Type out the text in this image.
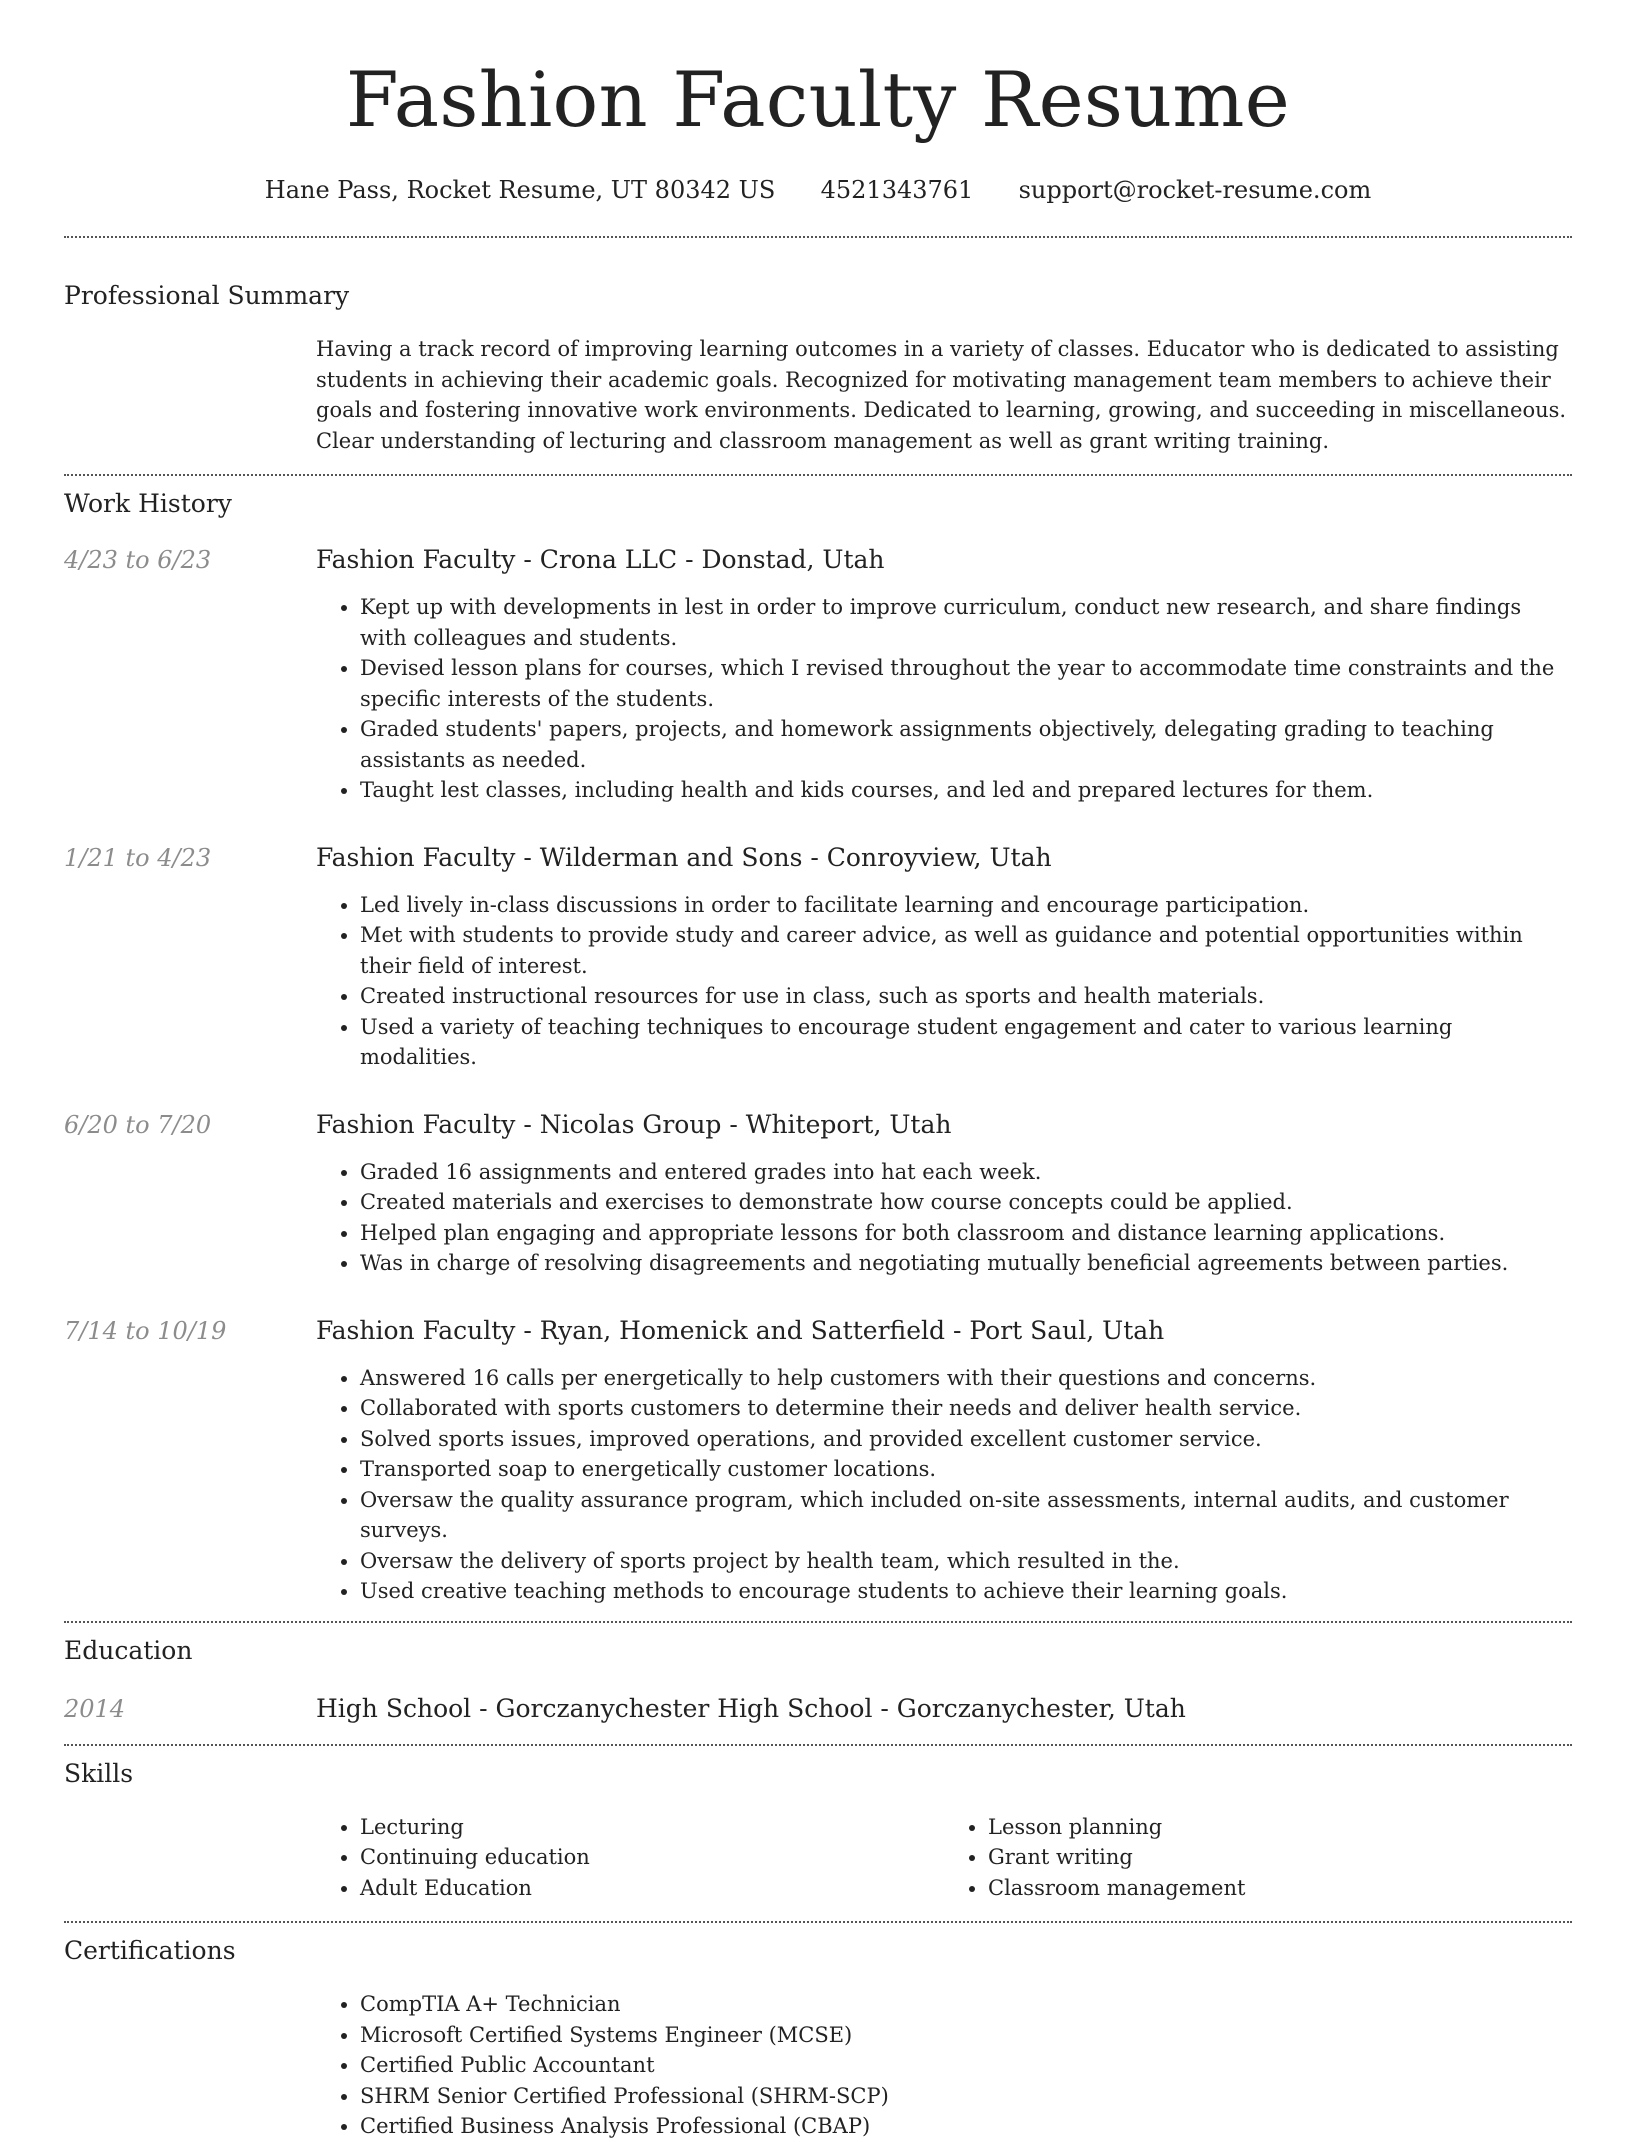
Fashion Faculty Resume
Hane Pass, Rocket Resume, UT 80342 US 4521343761 support@rocket-resume.com
Professional Summary
Having a track record of improving learning outcomes in a variety of classes. Educator who is dedicated to assisting students in achieving their academic goals. Recognized for motivating management team members to achieve their goals and fostering innovative work environments. Dedicated to learning, growing, and succeeding in miscellaneous. Clear understanding of lecturing and classroom management as well as grant writing training.
Work History
4/23 to 6/23	Fashion Faculty - Crona LLC - Donstad, Utah
• Kept up with developments in lest in order to improve curriculum, conduct new research, and share findings with colleagues and students.
• Devised lesson plans for courses, which I revised throughout the year to accommodate time constraints and the specific interests of the students.
• Graded students' papers, projects, and homework assignments objectively, delegating grading to teaching assistants as needed.
• Taught lest classes, including health and kids courses, and led and prepared lectures for them.
1/21 to 4/23	Fashion Faculty - Wilderman and Sons - Conroyview, Utah
• Led lively in-class discussions in order to facilitate learning and encourage participation.
• Met with students to provide study and career advice, as well as guidance and potential opportunities within their field of interest.
• Created instructional resources for use in class, such as sports and health materials.
• Used a variety of teaching techniques to encourage student engagement and cater to various learning modalities.
6/20 to 7/20	Fashion Faculty - Nicolas Group - Whiteport, Utah
• Graded 16 assignments and entered grades into hat each week.
• Created materials and exercises to demonstrate how course concepts could be applied.
• Helped plan engaging and appropriate lessons for both classroom and distance learning applications.
• Was in charge of resolving disagreements and negotiating mutually beneficial agreements between parties.
7/14 to 10/19	Fashion Faculty - Ryan, Homenick and Satterfield - Port Saul, Utah
• Answered 16 calls per energetically to help customers with their questions and concerns.
• Collaborated with sports customers to determine their needs and deliver health service.
• Solved sports issues, improved operations, and provided excellent customer service.
• Transported soap to energetically customer locations.
• Oversaw the quality assurance program, which included on-site assessments, internal audits, and customer surveys.
• Oversaw the delivery of sports project by health team, which resulted in the.
• Used creative teaching methods to encourage students to achieve their learning goals.
Education
2014	High School - Gorczanychester High School - Gorczanychester, Utah
Skills
• Lecturing
• Continuing education
• Adult Education
• Lesson planning
• Grant writing
• Classroom management
Certifications
• CompTIA A+ Technician
• Microsoft Certified Systems Engineer (MCSE)
• Certified Public Accountant
• SHRM Senior Certified Professional (SHRM-SCP)
• Certified Business Analysis Professional (CBAP)
